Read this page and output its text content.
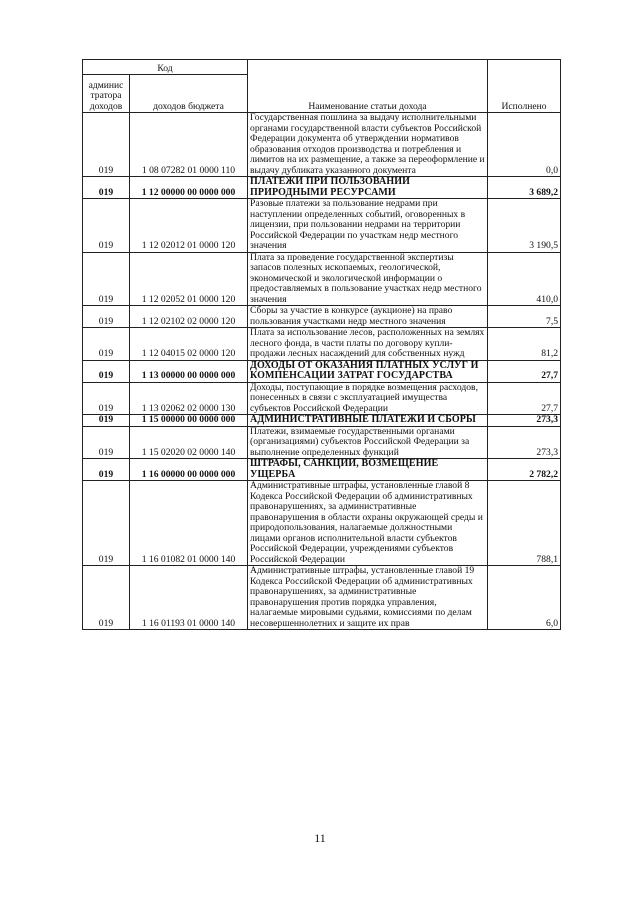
Код		Наименование статьи дохода	Исполнено
админис тратора доходов	доходов бюджета		
019	1 08 07282 01 0000 110	Государственная пошлина за выдачу исполнительными органами государственной власти субъектов Российской Федерации документа об утверждении нормативов образования отходов производства и потребления и лимитов на их размещение, а также за переоформление и выдачу дубликата указанного документа	0,0
019	1 12 00000 00 0000 000	ПЛАТЕЖИ ПРИ ПОЛЬЗОВАНИИ ПРИРОДНЫМИ РЕСУРСАМИ	3 689,2
019	1 12 02012 01 0000 120	Разовые платежи за пользование недрами при наступлении определенных событий, оговоренных в лицензии, при пользовании недрами на территории Российской Федерации по участкам недр местного значения	3 190,5
019	1 12 02052 01 0000 120	Плата за проведение государственной экспертизы запасов полезных ископаемых, геологической, экономической и экологической информации о предоставляемых в пользование участках недр местного значения	410,0
019	1 12 02102 02 0000 120	Сборы за участие в конкурсе (аукционе) на право пользования участками недр местного значения	7,5
019	1 12 04015 02 0000 120	Плата за использование лесов, расположенных на землях лесного фонда, в части платы по договору купли-продажи лесных насаждений для собственных нужд	81,2
019	1 13 00000 00 0000 000	ДОХОДЫ ОТ ОКАЗАНИЯ ПЛАТНЫХ УСЛУГ И КОМПЕНСАЦИИ ЗАТРАТ ГОСУДАРСТВА	27,7
019	1 13 02062 02 0000 130	Доходы, поступающие в порядке возмещения расходов, понесенных в связи с эксплуатацией имущества субъектов Российской Федерации	27,7
019	1 15 00000 00 0000 000	АДМИНИСТРАТИВНЫЕ ПЛАТЕЖИ И СБОРЫ	273,3
019	1 15 02020 02 0000 140	Платежи, взимаемые государственными органами (организациями) субъектов Российской Федерации за выполнение определенных функций	273,3
019	1 16 00000 00 0000 000	ШТРАФЫ, САНКЦИИ, ВОЗМЕЩЕНИЕ УЩЕРБА	2 782,2
019	1 16 01082 01 0000 140	Административные штрафы, установленные главой 8 Кодекса Российской Федерации об административных правонарушениях, за административные правонарушения в области охраны окружающей среды и природопользования, налагаемые должностными лицами органов исполнительной власти субъектов Российской Федерации, учреждениями субъектов Российской Федерации	788,1
019	1 16 01193 01 0000 140	Административные штрафы, установленные главой 19 Кодекса Российской Федерации об административных правонарушениях, за административные правонарушения против порядка управления, налагаемые мировыми судьями, комиссиями по делам несовершеннолетних и защите их прав	6,0
11
